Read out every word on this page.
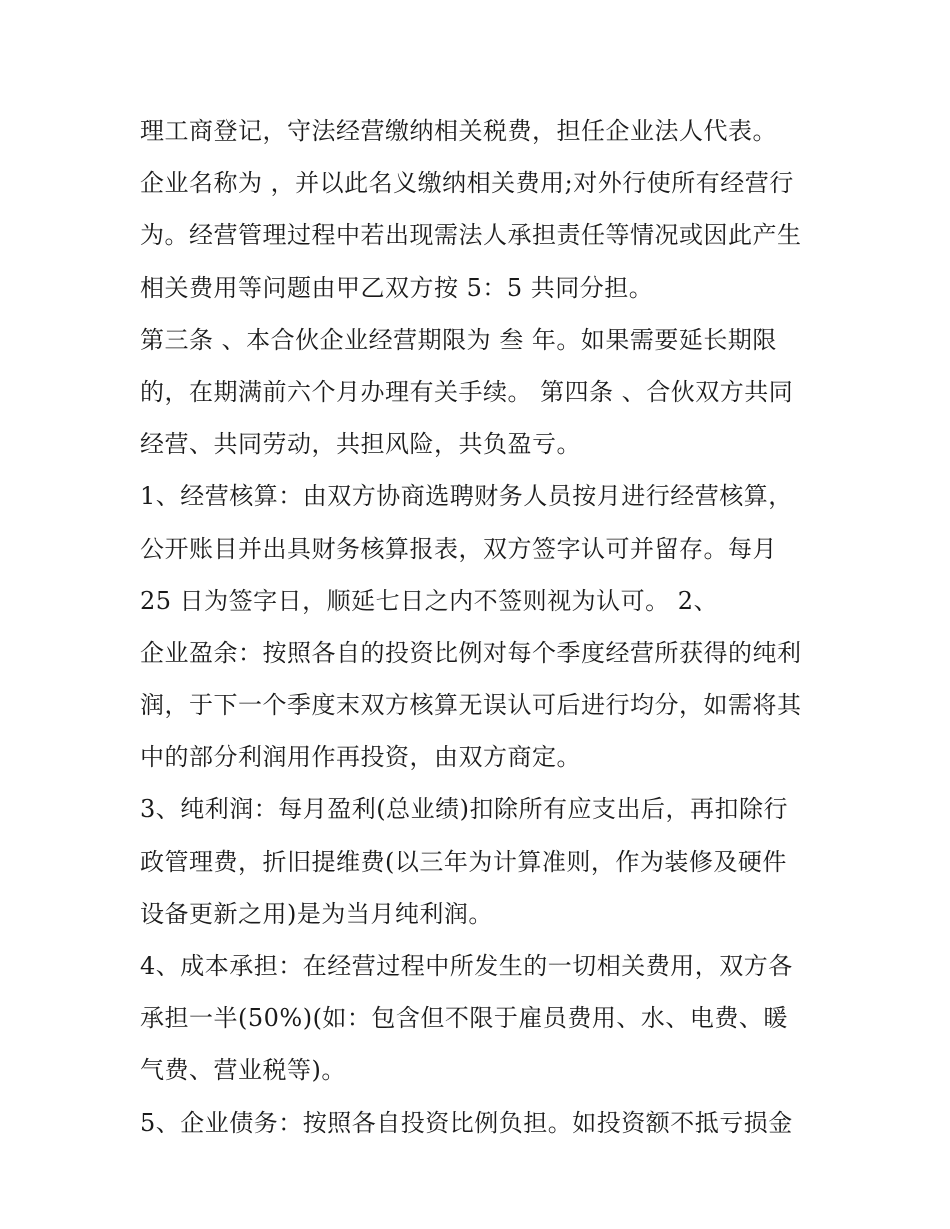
理工商登记，守法经营缴纳相关税费，担任企业法人代表。
企业名称为 ，并以此名义缴纳相关费用;对外行使所有经营行
为。经营管理过程中若出现需法人承担责任等情况或因此产生
相关费用等问题由甲乙双方按 5：5 共同分担。
第三条 、本合伙企业经营期限为 叁 年。如果需要延长期限
的，在期满前六个月办理有关手续。 第四条 、合伙双方共同
经营、共同劳动，共担风险，共负盈亏。
1、经营核算：由双方协商选聘财务人员按月进行经营核算，
公开账目并出具财务核算报表，双方签字认可并留存。每月
25 日为签字日，顺延七日之内不签则视为认可。 2、
企业盈余：按照各自的投资比例对每个季度经营所获得的纯利
润，于下一个季度末双方核算无误认可后进行均分，如需将其
中的部分利润用作再投资，由双方商定。
3、纯利润：每月盈利(总业绩)扣除所有应支出后，再扣除行
政管理费，折旧提维费(以三年为计算准则，作为装修及硬件
设备更新之用)是为当月纯利润。
4、成本承担：在经营过程中所发生的一切相关费用，双方各
承担一半(50%)(如：包含但不限于雇员费用、水、电费、暖
气费、营业税等)。
5、企业债务：按照各自投资比例负担。如投资额不抵亏损金
